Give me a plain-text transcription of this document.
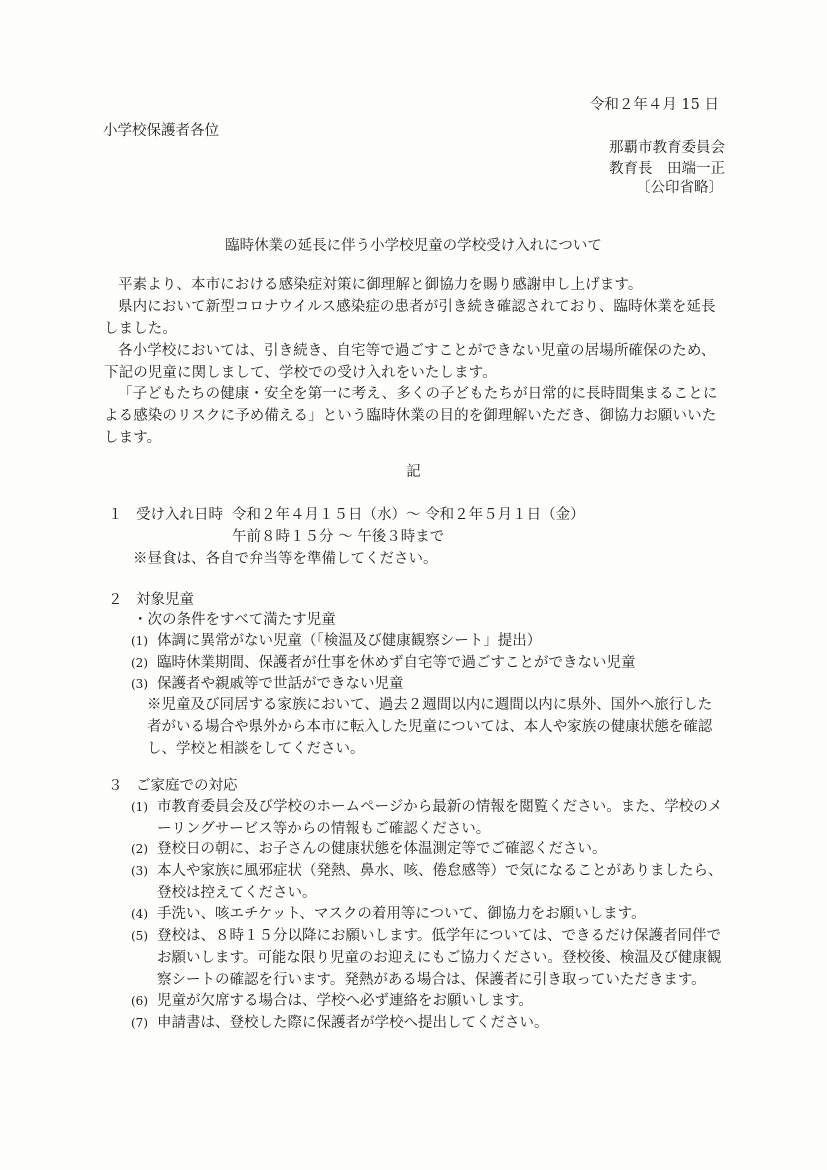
令和２年４月 15 日
小学校保護者各位
那覇市教育委員会
教育長　田端一正
〔公印省略〕
臨時休業の延長に伴う小学校児童の学校受け入れについて
平素より、本市における感染症対策に御理解と御協力を賜り感謝申し上げます。
県内において新型コロナウイルス感染症の患者が引き続き確認されており、臨時休業を延長しました。
各小学校においては、引き続き、自宅等で過ごすことができない児童の居場所確保のため、下記の児童に関しまして、学校での受け入れをいたします。
「子どもたちの健康・安全を第一に考え、多くの子どもたちが日常的に長時間集まることによる感染のリスクに予め備える」という臨時休業の目的を御理解いただき、御協力お願いいたします。
記
１ 受け入れ日時 令和２年４月１５日（水）～ 令和２年５月１日（金）
午前８時１５分 ～ 午後３時まで
※昼食は、各自で弁当等を準備してください。
２ 対象児童
・次の条件をすべて満たす児童
(1) 体調に異常がない児童（「検温及び健康観察シート」提出）
(2) 臨時休業期間、保護者が仕事を休めず自宅等で過ごすことができない児童
(3) 保護者や親戚等で世話ができない児童
※児童及び同居する家族において、過去２週間以内に週間以内に県外、国外へ旅行した者がいる場合や県外から本市に転入した児童については、本人や家族の健康状態を確認し、学校と相談をしてください。
３ ご家庭での対応
(1) 市教育委員会及び学校のホームページから最新の情報を閲覧ください。また、学校のメーリングサービス等からの情報もご確認ください。
(2) 登校日の朝に、お子さんの健康状態を体温測定等でご確認ください。
(3) 本人や家族に風邪症状（発熱、鼻水、咳、倦怠感等）で気になることがありましたら、登校は控えてください。
(4) 手洗い、咳エチケット、マスクの着用等について、御協力をお願いします。
(5) 登校は、８時１５分以降にお願いします。低学年については、できるだけ保護者同伴でお願いします。可能な限り児童のお迎えにもご協力ください。登校後、検温及び健康観察シートの確認を行います。発熱がある場合は、保護者に引き取っていただきます。
(6) 児童が欠席する場合は、学校へ必ず連絡をお願いします。
(7) 申請書は、登校した際に保護者が学校へ提出してください。
